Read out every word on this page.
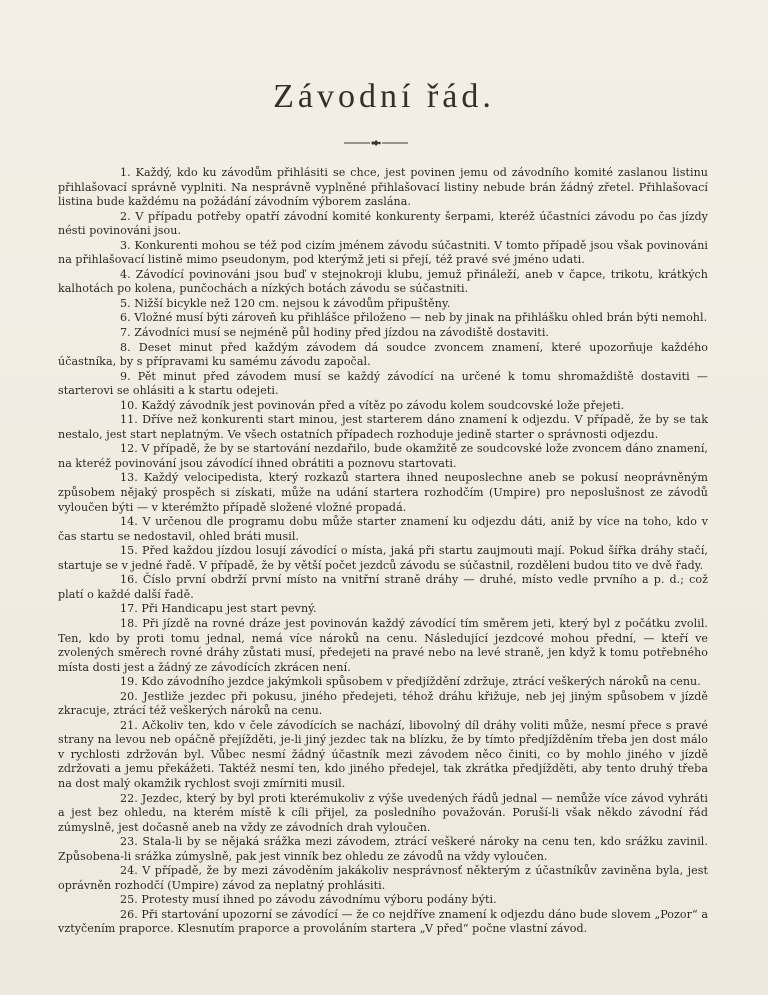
Závodní řád.

1. Každý, kdo ku závodům přihlásiti se chce, jest povinen jemu od závodního komité zaslanou listinu přihlašovací správně vyplniti. Na nesprávně vyplněné přihlašovací listiny nebude brán žádný zřetel. Přihlašovací listina bude každému na požádání závodním výborem zaslána.

2. V případu potřeby opatří závodní komité konkurenty šerpami, kteréž účastníci závodu po čas jízdy nésti povinováni jsou.

3. Konkurenti mohou se též pod cizím jménem závodu súčastniti. V tomto případě jsou však povinováni na přihlašovací listině mimo pseudonym, pod kterýmž jeti si přejí, též pravé své jméno udati.

4. Závodící povinováni jsou buď v stejnokroji klubu, jemuž přináleží, aneb v čapce, trikotu, krátkých kalhotách po kolena, punčochách a nízkých botách závodu se súčastniti.

5. Nižší bicykle než 120 cm. nejsou k závodům připuštěny.

6. Vložné musí býti zároveň ku přihlášce přiloženo — neb by jinak na přihlášku ohled brán býti nemohl.

7. Závodníci musí se nejméně půl hodiny před jízdou na závodiště dostaviti.

8. Deset minut před každým závodem dá soudce zvoncem znamení, které upozorňuje každého účastníka, by s přípravami ku samému závodu započal.

9. Pět minut před závodem musí se každý závodící na určené k tomu shromaždiště dostaviti — starterovi se ohlásiti a k startu odejeti.

10. Každý závodník jest povinován před a vítěz po závodu kolem soudcovské lože přejeti.

11. Dříve než konkurenti start minou, jest starterem dáno znamení k odjezdu. V případě, že by se tak nestalo, jest start neplatným. Ve všech ostatních případech rozhoduje jedině starter o správnosti odjezdu.

12. V případě, že by se startování nezdařilo, bude okamžitě ze soudcovské lože zvoncem dáno znamení, na kteréž povinování jsou závodící ihned obrátiti a poznovu startovati.

13. Každý velocipedista, který rozkazů startera ihned neuposlechne aneb se pokusí neoprávněným způsobem nějaký prospěch si získati, může na udání startera rozhodčím (Umpire) pro neposlušnost ze závodů vyloučen býti — v kterémžto případě složené vložné propadá.

14. V určenou dle programu dobu může starter znamení ku odjezdu dáti, aniž by více na toho, kdo v čas startu se nedostavil, ohled bráti musil.

15. Před každou jízdou losují závodící o místa, jaká při startu zaujmouti mají. Pokud šířka dráhy stačí, startuje se v jedné řadě. V případě, že by větší počet jezdců závodu se súčastnil, rozděleni budou tito ve dvě řady.

16. Číslo první obdrží první místo na vnitřní straně dráhy — druhé, místo vedle prvního a p. d.; což platí o každé další řadě.

17. Při Handicapu jest start pevný.

18. Při jízdě na rovné dráze jest povinován každý závodící tím směrem jeti, který byl z počátku zvolil. Ten, kdo by proti tomu jednal, nemá více nároků na cenu. Následující jezdcové mohou přední, — kteří ve zvolených směrech rovné dráhy zůstati musí, předejeti na pravé nebo na levé straně, jen když k tomu potřebného místa dosti jest a žádný ze závodících zkrácen není.

19. Kdo závodního jezdce jakýmkoli spůsobem v předjíždění zdržuje, ztrácí veškerých nároků na cenu.

20. Jestliže jezdec při pokusu, jiného předejeti, téhož dráhu křižuje, neb jej jiným spůsobem v jízdě zkracuje, ztrácí též veškerých nároků na cenu.

21. Ačkoliv ten, kdo v čele závodících se nachází, libovolný díl dráhy voliti může, nesmí přece s pravé strany na levou neb opáčně přejížděti, je-li jiný jezdec tak na blízku, že by tímto předjížděním třeba jen dost málo v rychlosti zdržován byl. Vůbec nesmí žádný účastník mezi závodem něco činiti, co by mohlo jiného v jízdě zdržovati a jemu překážeti. Taktéž nesmí ten, kdo jiného předejel, tak zkrátka předjížděti, aby tento druhý třeba na dost malý okamžik rychlost svoji zmírniti musil.

22. Jezdec, který by byl proti kterémukoliv z výše uvedených řádů jednal — nemůže více závod vyhráti a jest bez ohledu, na kterém místě k cíli přijel, za posledního považován. Poruší-li však někdo závodní řád zúmyslně, jest dočasně aneb na vždy ze závodních drah vyloučen.

23. Stala-li by se nějaká srážka mezi závodem, ztrácí veškeré nároky na cenu ten, kdo srážku zavinil. Způsobena-li srážka zúmyslně, pak jest vinník bez ohledu ze závodů na vždy vyloučen.

24. V případě, že by mezi závoděním jakákoliv nesprávnosť některým z účastníkův zaviněna byla, jest oprávněn rozhodčí (Umpire) závod za neplatný prohlásiti.

25. Protesty musí ihned po závodu závodnímu výboru podány býti.

26. Při startování upozorní se závodící — že co nejdříve znamení k odjezdu dáno bude slovem „Pozor“ a vztyčením praporce. Klesnutím praporce a provoláním startera „V před“ počne vlastní závod.
